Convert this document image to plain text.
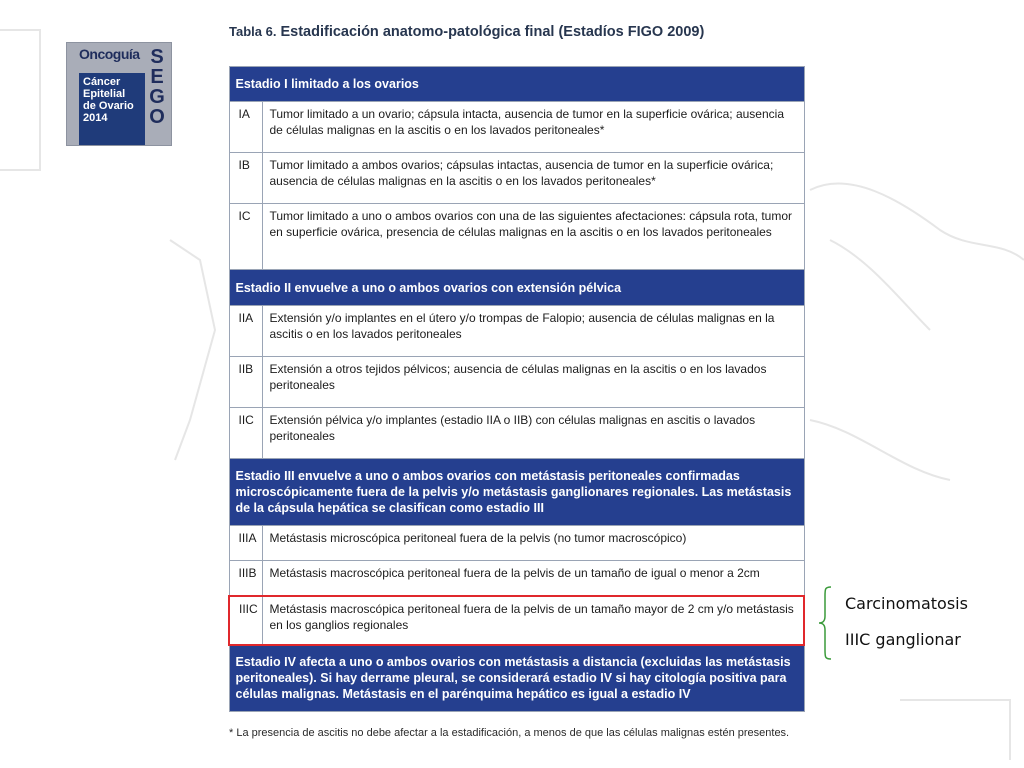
Oncoguía
Cáncer
Epitelial
de Ovario
2014
S
E
G
O
Tabla 6. Estadificación anatomo-patológica final (Estadíos FIGO 2009)
Estadio I limitado a los ovarios	
IA	Tumor limitado a un ovario; cápsula intacta, ausencia de tumor en la superficie ovárica; ausencia de células malignas en la ascitis o en los lavados peritoneales*
IB	Tumor limitado a ambos ovarios; cápsulas intactas, ausencia de tumor en la superficie ovárica; ausencia de células malignas en la ascitis o en los lavados peritoneales*
IC	Tumor limitado a uno o ambos ovarios con una de las siguientes afectaciones: cápsula rota, tumor en superficie ovárica, presencia de células malignas en la ascitis o en los lavados peritoneales
Estadio II envuelve a uno o ambos ovarios con extensión pélvica	
IIA	Extensión y/o implantes en el útero y/o trompas de Falopio; ausencia de células malignas en la ascitis o en los lavados peritoneales
IIB	Extensión a otros tejidos pélvicos; ausencia de células malignas en la ascitis o en los lavados peritoneales
IIC	Extensión pélvica y/o implantes (estadio IIA o IIB) con células malignas en ascitis o lavados peritoneales
Estadio III envuelve a uno o ambos ovarios con metástasis peritoneales confirmadas microscópicamente fuera de la pelvis y/o metástasis ganglionares regionales. Las metástasis de la cápsula hepática se clasifican como estadio III	
IIIA	Metástasis microscópica peritoneal fuera de la pelvis (no tumor macroscópico)
IIIB	Metástasis macroscópica peritoneal fuera de la pelvis de un tamaño de igual o menor a 2cm
IIIC	Metástasis macroscópica peritoneal fuera de la pelvis de un tamaño mayor de 2 cm y/o metástasis en los ganglios regionales
Estadio IV afecta a uno o ambos ovarios con metástasis a distancia (excluidas las metástasis peritoneales). Si hay derrame pleural, se considerará estadio IV si hay citología positiva para células malignas. Metástasis en el parénquima hepático es igual a estadio IV	
* La presencia de ascitis no debe afectar a la estadificación, a menos de que las células malignas estén presentes.
Carcinomatosis
IIIC ganglionar
